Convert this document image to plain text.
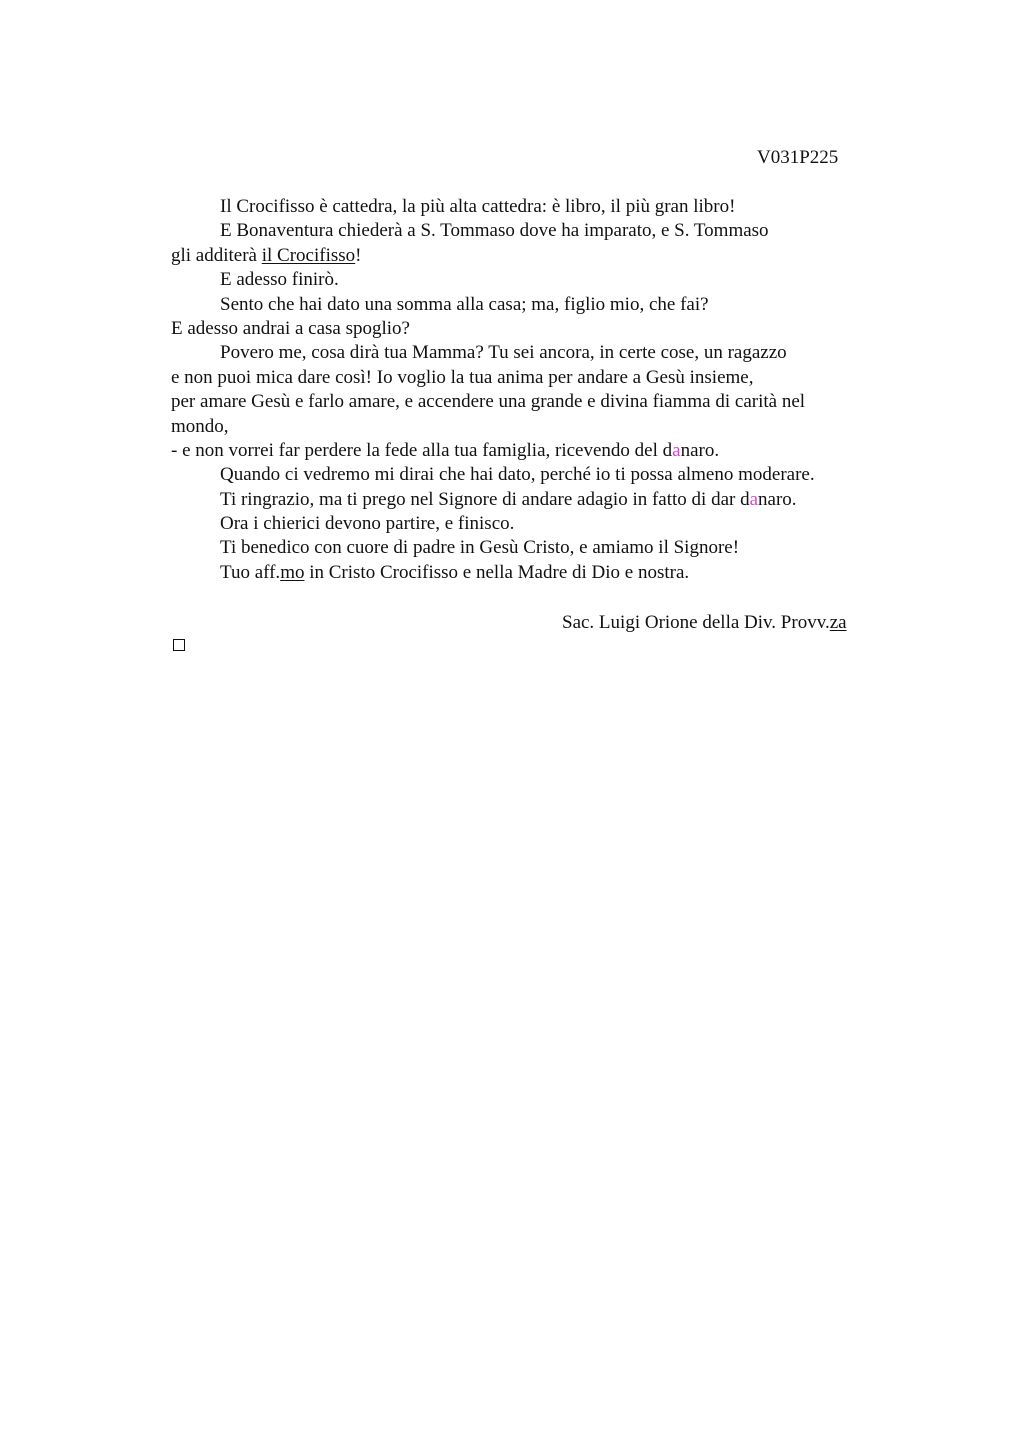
V031P225
Il Crocifisso è cattedra, la più alta cattedra: è libro, il più gran libro!
E Bonaventura chiederà a S. Tommaso dove ha imparato, e S. Tommaso
gli additerà il Crocifisso!
E adesso finirò.
Sento che hai dato una somma alla casa; ma, figlio mio, che fai?
E adesso andrai a casa spoglio?
Povero me, cosa dirà tua Mamma? Tu sei ancora, in certe cose, un ragazzo
e non puoi mica dare così! Io voglio la tua anima per andare a Gesù insieme,
per amare Gesù e farlo amare, e accendere una grande e divina fiamma di carità nel
mondo,
- e non vorrei far perdere la fede alla tua famiglia, ricevendo del danaro.
Quando ci vedremo mi dirai che hai dato, perché io ti possa almeno moderare.
Ti ringrazio, ma ti prego nel Signore di andare adagio in fatto di dar danaro.
Ora i chierici devono partire, e finisco.
Ti benedico con cuore di padre in Gesù Cristo, e amiamo il Signore!
Tuo aff.mo in Cristo Crocifisso e nella Madre di Dio e nostra.
Sac. Luigi Orione della Div. Provv.za
